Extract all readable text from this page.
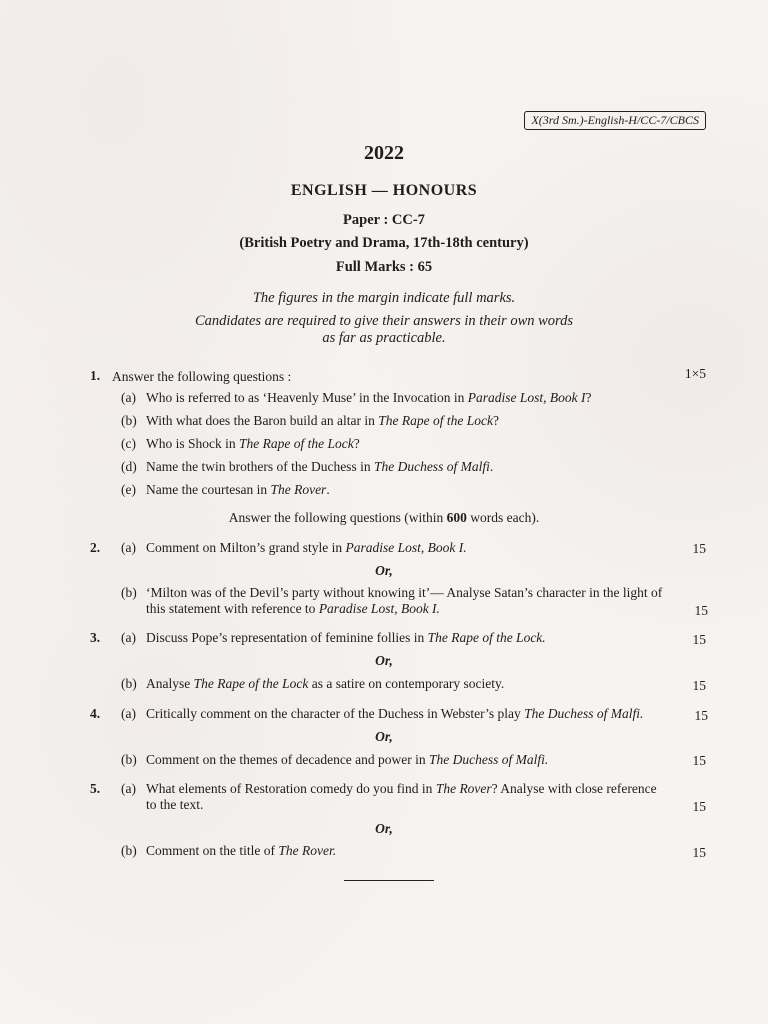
X(3rd Sm.)-English-H/CC-7/CBCS
2022
ENGLISH — HONOURS
Paper : CC-7
(British Poetry and Drama, 17th-18th century)
Full Marks : 65
The figures in the margin indicate full marks.
Candidates are required to give their answers in their own words
as far as practicable.
1. Answer the following questions :	1×5
(a) Who is referred to as ‘Heavenly Muse’ in the Invocation in Paradise Lost, Book I?
(b) With what does the Baron build an altar in The Rape of the Lock?
(c) Who is Shock in The Rape of the Lock?
(d) Name the twin brothers of the Duchess in The Duchess of Malfi.
(e) Name the courtesan in The Rover.
Answer the following questions (within 600 words each).
2. (a) Comment on Milton’s grand style in Paradise Lost, Book I.	15
Or,
(b) ‘Milton was of the Devil’s party without knowing it’— Analyse Satan’s character in the light of
this statement with reference to Paradise Lost, Book I.	15
3. (a) Discuss Pope’s representation of feminine follies in The Rape of the Lock.	15
Or,
(b) Analyse The Rape of the Lock as a satire on contemporary society.	15
4. (a) Critically comment on the character of the Duchess in Webster’s play The Duchess of Malfi.	15
Or,
(b) Comment on the themes of decadence and power in The Duchess of Malfi.	15
5. (a) What elements of Restoration comedy do you find in The Rover? Analyse with close reference
to the text.	15
Or,
(b) Comment on the title of The Rover.	15
